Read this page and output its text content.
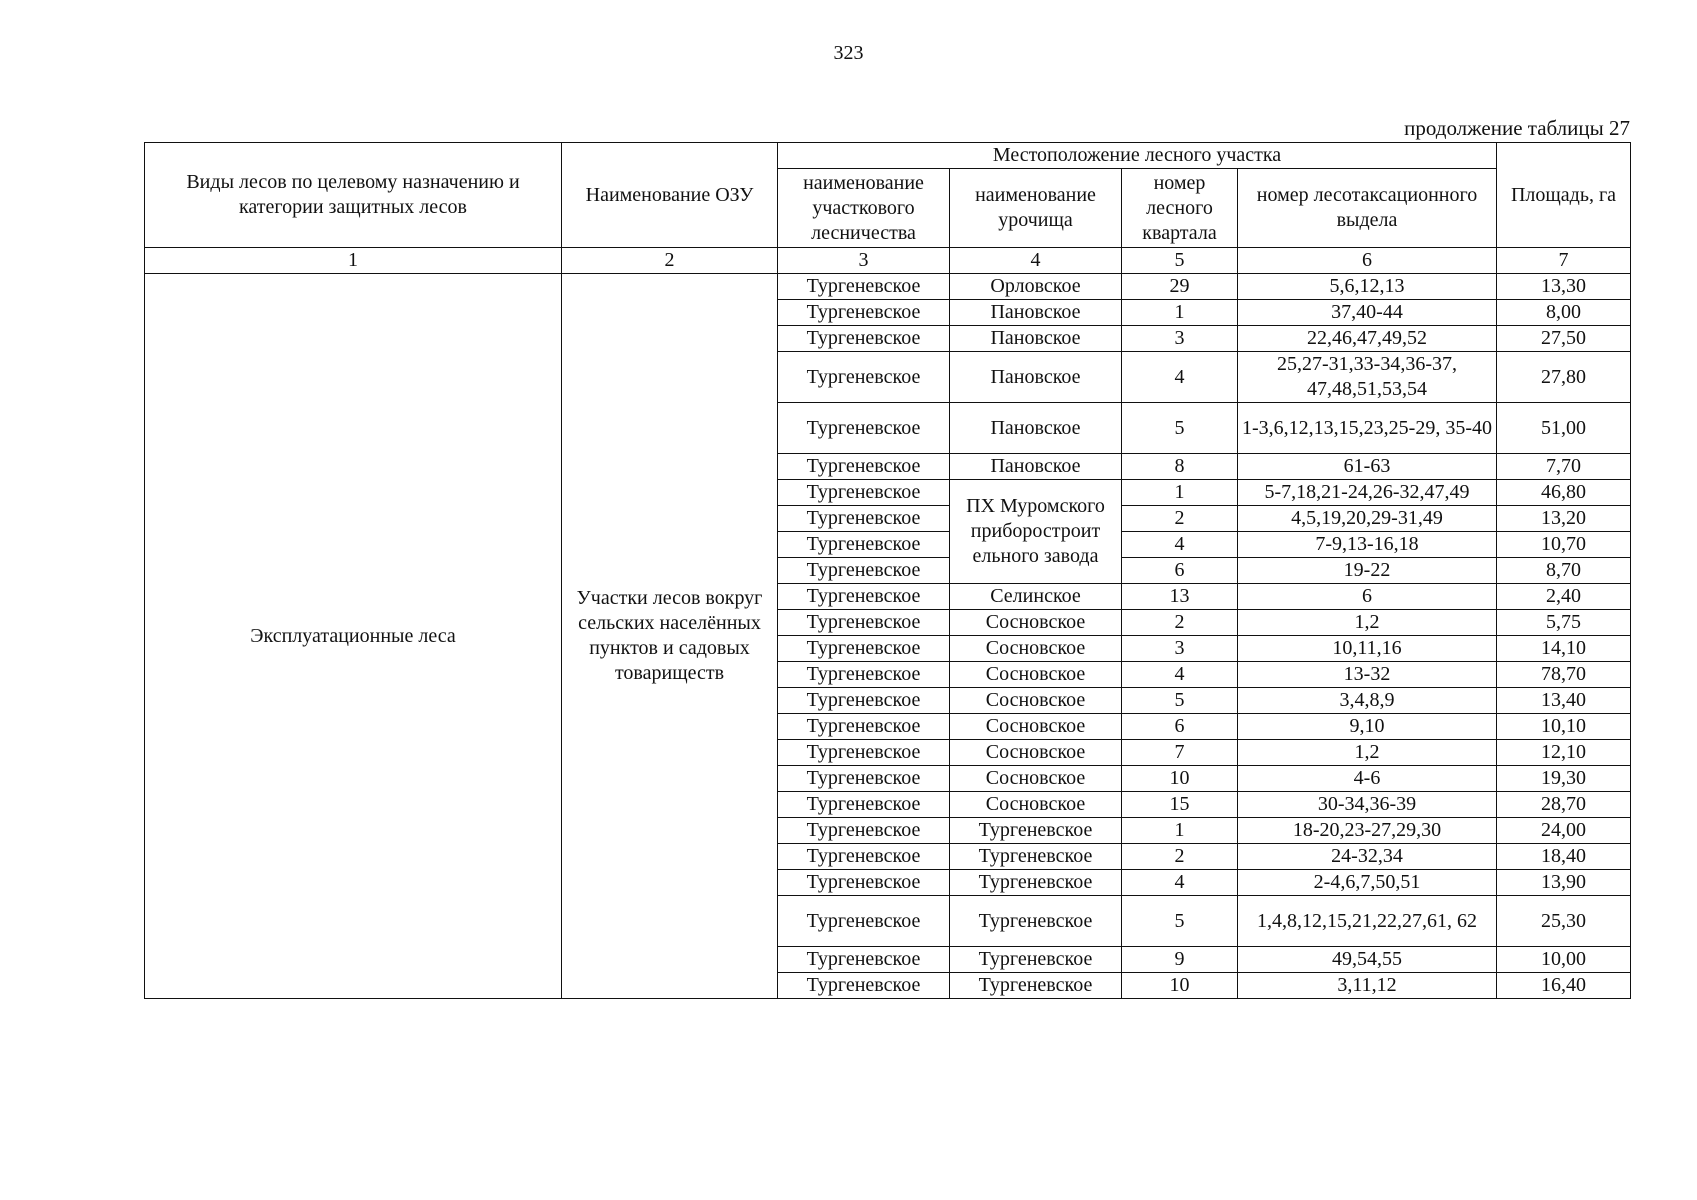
323
продолжение таблицы 27
Виды лесов по целевому назначению и категории защитных лесов	Наименование ОЗУ	Местоположение лесного участка				Площадь, га
		наименование участкового лесничества	наименование урочища	номер лесного квартала	номер лесотаксационного выдела	
1	2	3	4	5	6	7
Эксплуатационные леса	Участки лесов вокруг сельских населённых пунктов и садовых товариществ	Тургеневское	Орловское	29	5,6,12,13	13,30
		Тургеневское	Пановское	1	37,40-44	8,00
		Тургеневское	Пановское	3	22,46,47,49,52	27,50
		Тургеневское	Пановское	4	25,27-31,33-34,36-37, 47,48,51,53,54	27,80
		Тургеневское	Пановское	5	1-3,6,12,13,15,23,25-29, 35-40	51,00
		Тургеневское	Пановское	8	61-63	7,70
		Тургеневское	ПХ Муромского приборостроит ельного завода	1	5-7,18,21-24,26-32,47,49	46,80
		Тургеневское		2	4,5,19,20,29-31,49	13,20
		Тургеневское		4	7-9,13-16,18	10,70
		Тургеневское		6	19-22	8,70
		Тургеневское	Селинское	13	6	2,40
		Тургеневское	Сосновское	2	1,2	5,75
		Тургеневское	Сосновское	3	10,11,16	14,10
		Тургеневское	Сосновское	4	13-32	78,70
		Тургеневское	Сосновское	5	3,4,8,9	13,40
		Тургеневское	Сосновское	6	9,10	10,10
		Тургеневское	Сосновское	7	1,2	12,10
		Тургеневское	Сосновское	10	4-6	19,30
		Тургеневское	Сосновское	15	30-34,36-39	28,70
		Тургеневское	Тургеневское	1	18-20,23-27,29,30	24,00
		Тургеневское	Тургеневское	2	24-32,34	18,40
		Тургеневское	Тургеневское	4	2-4,6,7,50,51	13,90
		Тургеневское	Тургеневское	5	1,4,8,12,15,21,22,27,61, 62	25,30
		Тургеневское	Тургеневское	9	49,54,55	10,00
		Тургеневское	Тургеневское	10	3,11,12	16,40
